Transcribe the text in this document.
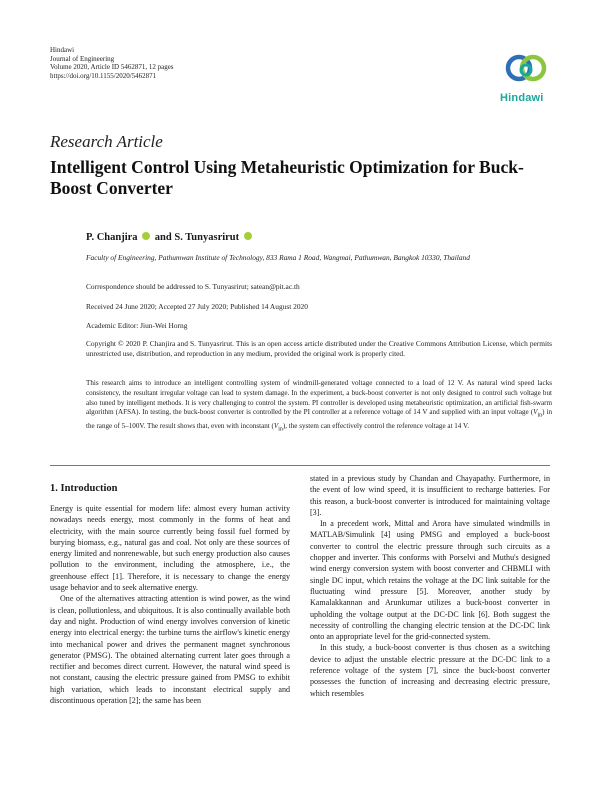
Hindawi
Journal of Engineering
Volume 2020, Article ID 5462871, 12 pages
https://doi.org/10.1155/2020/5462871
Hindawi
Research Article
Intelligent Control Using Metaheuristic Optimization for Buck-Boost Converter
P. Chanjira and S. Tunyasrirut
Faculty of Engineering, Pathumwan Institute of Technology, 833 Rama 1 Road, Wangmai, Pathumwan, Bangkok 10330, Thailand
Correspondence should be addressed to S. Tunyasrirut; satean@pit.ac.th
Received 24 June 2020; Accepted 27 July 2020; Published 14 August 2020
Academic Editor: Jiun-Wei Horng
Copyright © 2020 P. Chanjira and S. Tunyasrirut. This is an open access article distributed under the Creative Commons Attribution License, which permits unrestricted use, distribution, and reproduction in any medium, provided the original work is properly cited.
This research aims to introduce an intelligent controlling system of windmill-generated voltage connected to a load of 12 V. As natural wind speed lacks consistency, the resultant irregular voltage can lead to system damage. In the experiment, a buck-boost converter is not only designed to control such voltage but also tuned by intelligent methods. It is very challenging to control the system. PI controller is developed using metaheuristic optimization, an artificial fish-swarm algorithm (AFSA). In testing, the buck-boost converter is controlled by the PI controller at a reference voltage of 14 V and supplied with an input voltage $(V_{in})$ in the range of 5–100V. The result shows that, even with inconstant $(V_{in})$, the system can effectively control the reference voltage at 14 V.
1. Introduction

Energy is quite essential for modern life: almost every human activity nowadays needs energy, most commonly in the forms of heat and electricity, with the main source currently being fossil fuel formed by burying biomass, e.g., natural gas and coal. Not only are these sources of energy limited and nonrenewable, but such energy production also causes pollution to the environment, including the atmosphere, i.e., the greenhouse effect [1]. Therefore, it is necessary to change the energy usage behavior and to seek alternative energy.

One of the alternatives attracting attention is wind power, as the wind is clean, pollutionless, and ubiquitous. It is also continually available both day and night. Production of wind energy involves conversion of kinetic energy into electrical energy: the turbine turns the airflow's kinetic energy into mechanical power and drives the permanent magnet synchronous generator (PMSG). The obtained alternating current later goes through a rectifier and becomes direct current. However, the natural wind speed is not constant, causing the electric pressure gained from PMSG to exhibit high variation, which leads to inconstant electrical supply and discontinuous operation [2]; the same has been

stated in a previous study by Chandan and Chayapathy. Furthermore, in the event of low wind speed, it is insufficient to recharge batteries. For this reason, a buck-boost converter is introduced for maintaining voltage [3].

In a precedent work, Mittal and Arora have simulated windmills in MATLAB/Simulink [4] using PMSG and employed a buck-boost converter to control the electric pressure through such circuits as a chopper and inverter. This conforms with Porselvi and Muthu's designed wind energy conversion system with boost converter and CHBMLI with single DC input, which retains the voltage at the DC link suitable for the fluctuating wind pressure [5]. Moreover, another study by Kamalakkannan and Arunkumar utilizes a buck-boost converter in upholding the voltage output at the DC-DC link [6]. Both suggest the necessity of controlling the changing electric tension at the DC-DC link onto an appropriate level for the grid-connected system.

In this study, a buck-boost converter is thus chosen as a switching device to adjust the unstable electric pressure at the DC-DC link to a reference voltage of the system [7], since the buck-boost converter possesses the function of increasing and decreasing electric pressure, which resembles
